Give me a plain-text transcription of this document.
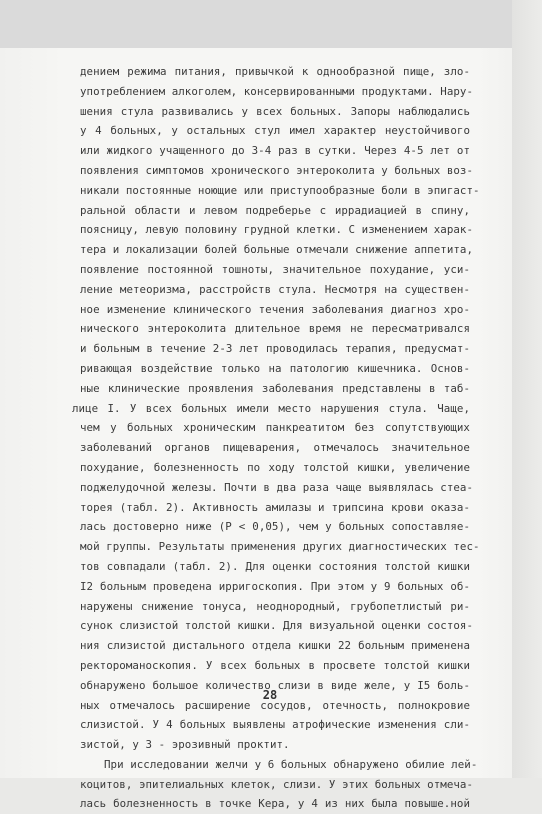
дением режима питания, привычкой к однообразной пище, зло-
употреблением алкоголем, консервированными продуктами. Нару-
шения стула развивались у всех больных. Запоры наблюдались
у 4 больных, у остальных стул имел характер неустойчивого
или жидкого учащенного до 3-4 раз в сутки. Через 4-5 лет от
появления симптомов хронического энтероколита у больных воз-
никали постоянные ноющие или приступообразные боли в эпигаст-
ральной области и левом подреберье с иррадиацией в спину,
поясницу, левую половину грудной клетки. С изменением харак-
тера и локализации болей больные отмечали снижение аппетита,
появление постоянной тошноты, значительное похудание, уси-
ление метеоризма, расстройств стула. Несмотря на существен-
ное изменение клинического течения заболевания диагноз хро-
нического энтероколита длительное время не пересматривался
и больным в течение 2-3 лет проводилась терапия, предусмат-
ривающая воздействие только на патологию кишечника. Основ-
ные клинические проявления заболевания представлены в таб-
лице I. У всех больных имели место нарушения стула. Чаще,
чем у больных хроническим панкреатитом без сопутствующих
заболеваний органов пищеварения, отмечалось значительное
похудание, болезненность по ходу толстой кишки, увеличение
поджелудочной железы. Почти в два раза чаще выявлялась стеа-
торея (табл. 2). Активность амилазы и трипсина крови оказа-
лась достоверно ниже (Р < 0,05), чем у больных сопоставляе-
мой группы. Результаты применения других диагностических тес-
тов совпадали (табл. 2). Для оценки состояния толстой кишки
I2 больным проведена ирригоскопия. При этом у 9 больных об-
наружены снижение тонуса, неоднородный, грубопетлистый ри-
сунок слизистой толстой кишки. Для визуальной оценки состоя-
ния слизистой дистального отдела кишки 22 больным применена
ректороманоскопия. У всех больных в просвете толстой кишки
обнаружено большое количество слизи в виде желе, у I5 боль-
ных отмечалось расширение сосудов, отечность, полнокровие
слизистой. У 4 больных выявлены атрофические изменения сли-
зистой, у 3 - эрозивный проктит.
При исследовании желчи у 6 больных обнаружено обилие лей-
коцитов, эпителиальных клеток, слизи. У этих больных отмеча-
лась болезненность в точке Кера, у 4 из них была повыше.ной
28
